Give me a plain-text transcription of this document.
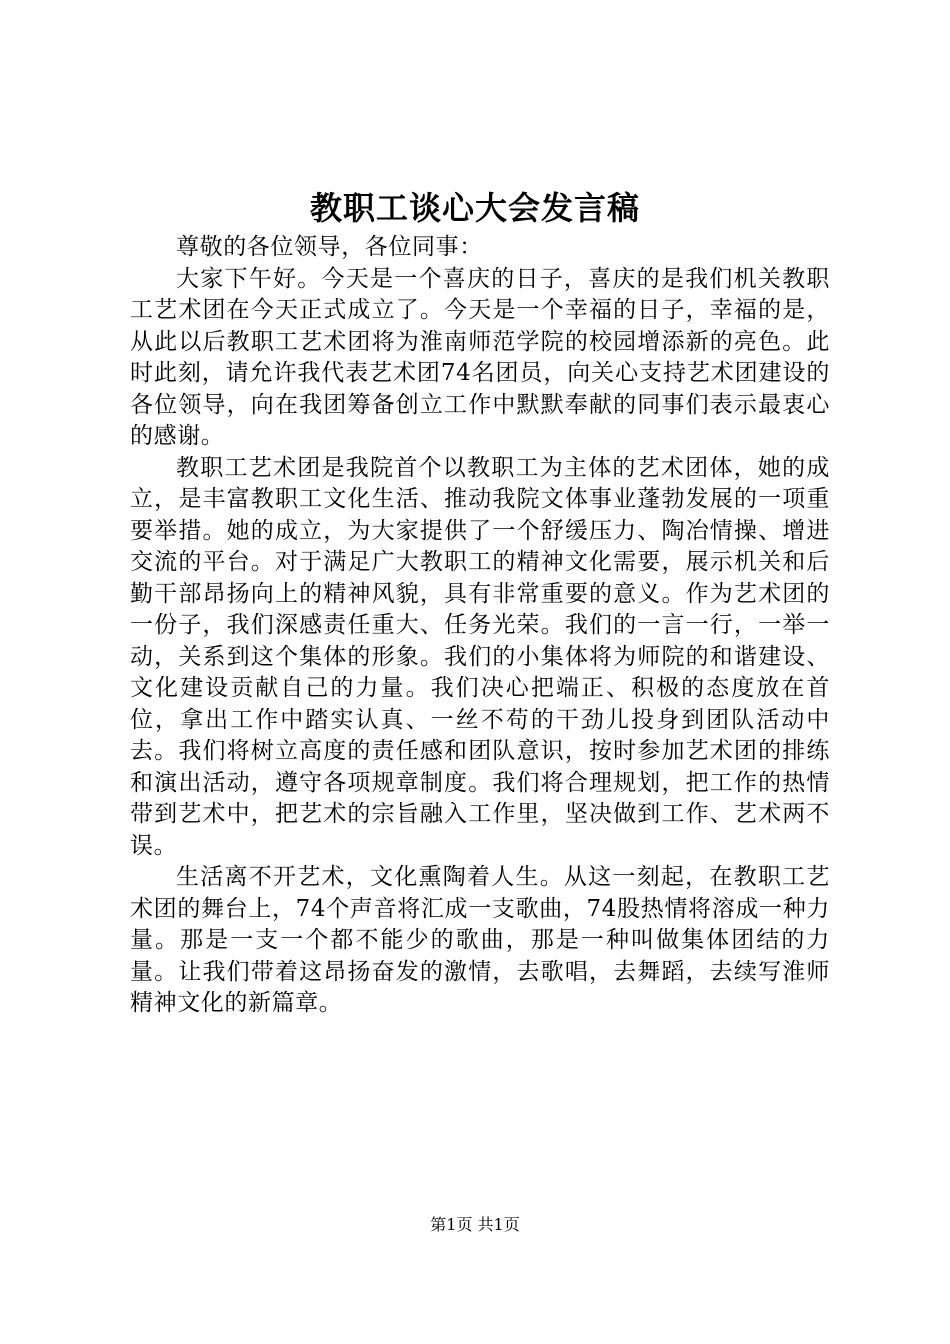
教职工谈心大会发言稿

尊敬的各位领导，各位同事：

大家下午好。今天是一个喜庆的日子，喜庆的是我们机关教职工艺术团在今天正式成立了。今天是一个幸福的日子，幸福的是，从此以后教职工艺术团将为淮南师范学院的校园增添新的亮色。此时此刻，请允许我代表艺术团74名团员，向关心支持艺术团建设的各位领导，向在我团筹备创立工作中默默奉献的同事们表示最衷心的感谢。

教职工艺术团是我院首个以教职工为主体的艺术团体，她的成立，是丰富教职工文化生活、推动我院文体事业蓬勃发展的一项重要举措。她的成立，为大家提供了一个舒缓压力、陶冶情操、增进交流的平台。对于满足广大教职工的精神文化需要，展示机关和后勤干部昂扬向上的精神风貌，具有非常重要的意义。作为艺术团的一份子，我们深感责任重大、任务光荣。我们的一言一行，一举一动，关系到这个集体的形象。我们的小集体将为师院的和谐建设、文化建设贡献自己的力量。我们决心把端正、积极的态度放在首位，拿出工作中踏实认真、一丝不苟的干劲儿投身到团队活动中去。我们将树立高度的责任感和团队意识，按时参加艺术团的排练和演出活动，遵守各项规章制度。我们将合理规划，把工作的热情带到艺术中，把艺术的宗旨融入工作里，坚决做到工作、艺术两不误。

生活离不开艺术，文化熏陶着人生。从这一刻起，在教职工艺术团的舞台上，74个声音将汇成一支歌曲，74股热情将溶成一种力量。那是一支一个都不能少的歌曲，那是一种叫做集体团结的力量。让我们带着这昂扬奋发的激情，去歌唱，去舞蹈，去续写淮师精神文化的新篇章。

第1页 共1页
